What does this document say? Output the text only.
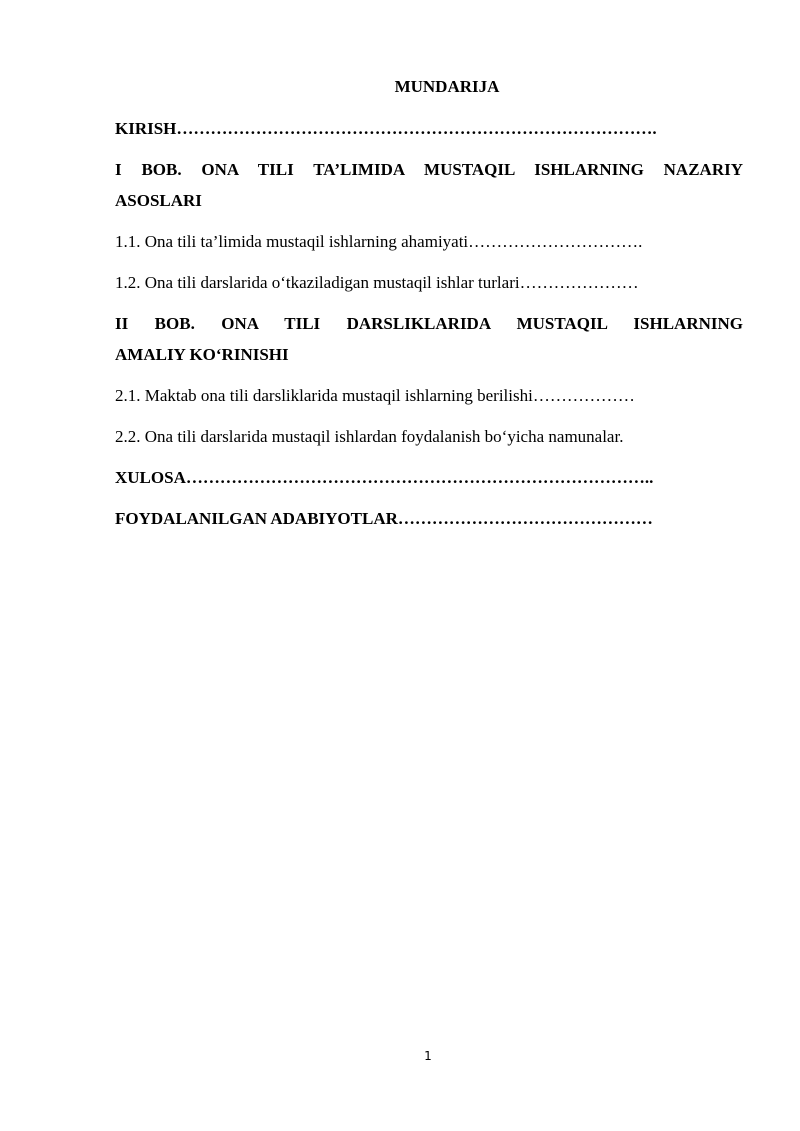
MUNDARIJA
KIRISH………………………………………………………………………….
I BOB. ONA TILI TA’LIMIDA MUSTAQIL ISHLARNING NAZARIY
ASOSLARI
1.1. Ona tili ta’limida mustaqil ishlarning ahamiyati………………………….
1.2. Ona tili darslarida o‘tkaziladigan mustaqil ishlar turlari…………………
II BOB. ONA TILI DARSLIKLARIDA MUSTAQIL ISHLARNING
AMALIY KO‘RINISHI
2.1. Maktab ona tili darsliklarida mustaqil ishlarning berilishi………………
2.2. Ona tili darslarida mustaqil ishlardan foydalanish bo‘yicha namunalar.
XULOSA………………………………………………………………………..
FOYDALANILGAN ADABIYOTLAR………………………………………
1
